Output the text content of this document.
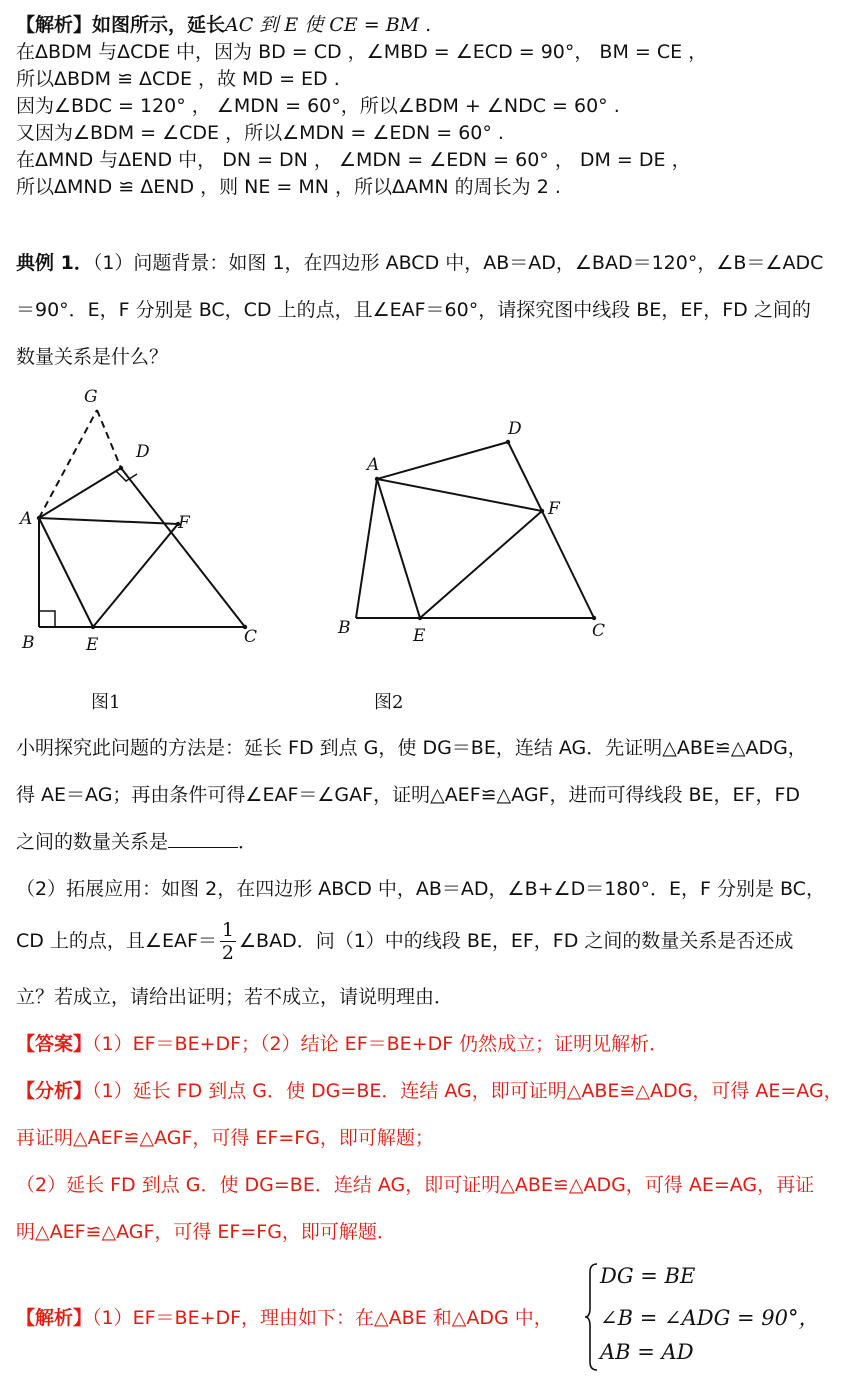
【解析】如图所示，延长AC 到 E 使 CE = BM .
在ΔBDM 与ΔCDE 中，因为 BD = CD ，∠MBD = ∠ECD = 90°， BM = CE ，
所以ΔBDM ≌ ΔCDE ，故 MD = ED .
因为∠BDC = 120° ， ∠MDN = 60°，所以∠BDM + ∠NDC = 60° .
又因为∠BDM = ∠CDE ，所以∠MDN = ∠EDN = 60° .
在ΔMND 与ΔEND 中， DN = DN ， ∠MDN = ∠EDN = 60° ， DM = DE ，
所以ΔMND ≌ ΔEND ，则 NE = MN ，所以ΔAMN 的周长为 2 .
典例 1．（1）问题背景：如图 1，在四边形 ABCD 中，AB＝AD，∠BAD＝120°，∠B＝∠ADC
＝90°．E，F 分别是 BC，CD 上的点，且∠EAF＝60°，请探究图中线段 BE，EF，FD 之间的
数量关系是什么？
G
D
A	F
B	E	C
D
A
F
B	E	C
图1	图2
小明探究此问题的方法是：延长 FD 到点 G，使 DG＝BE，连结 AG．先证明△ABE≌△ADG，
得 AE＝AG；再由条件可得∠EAF＝∠GAF，证明△AEF≌△AGF，进而可得线段 BE，EF，FD
之间的数量关系是	．
（2）拓展应用：如图 2，在四边形 ABCD 中，AB＝AD，∠B+∠D＝180°．E，F 分别是 BC，
CD 上的点，且∠EAF＝ $\frac{1}{2}$ ∠BAD．问（1）中的线段 BE，EF，FD 之间的数量关系是否还成
立？若成立，请给出证明；若不成立，请说明理由．
【答案】（1）EF＝BE+DF；（2）结论 EF＝BE+DF 仍然成立；证明见解析．
【分析】（1）延长 FD 到点 G．使 DG=BE．连结 AG，即可证明△ABE≌△ADG，可得 AE=AG，
再证明△AEF≌△AGF，可得 EF=FG，即可解题；
（2）延长 FD 到点 G．使 DG=BE．连结 AG，即可证明△ABE≌△ADG，可得 AE=AG，再证
明△AEF≌△AGF，可得 EF=FG，即可解题．
【解析】（1）EF＝BE+DF，理由如下：在△ABE 和△ADG 中，
DG = BE
∠B = ∠ADG = 90°，
AB = AD
